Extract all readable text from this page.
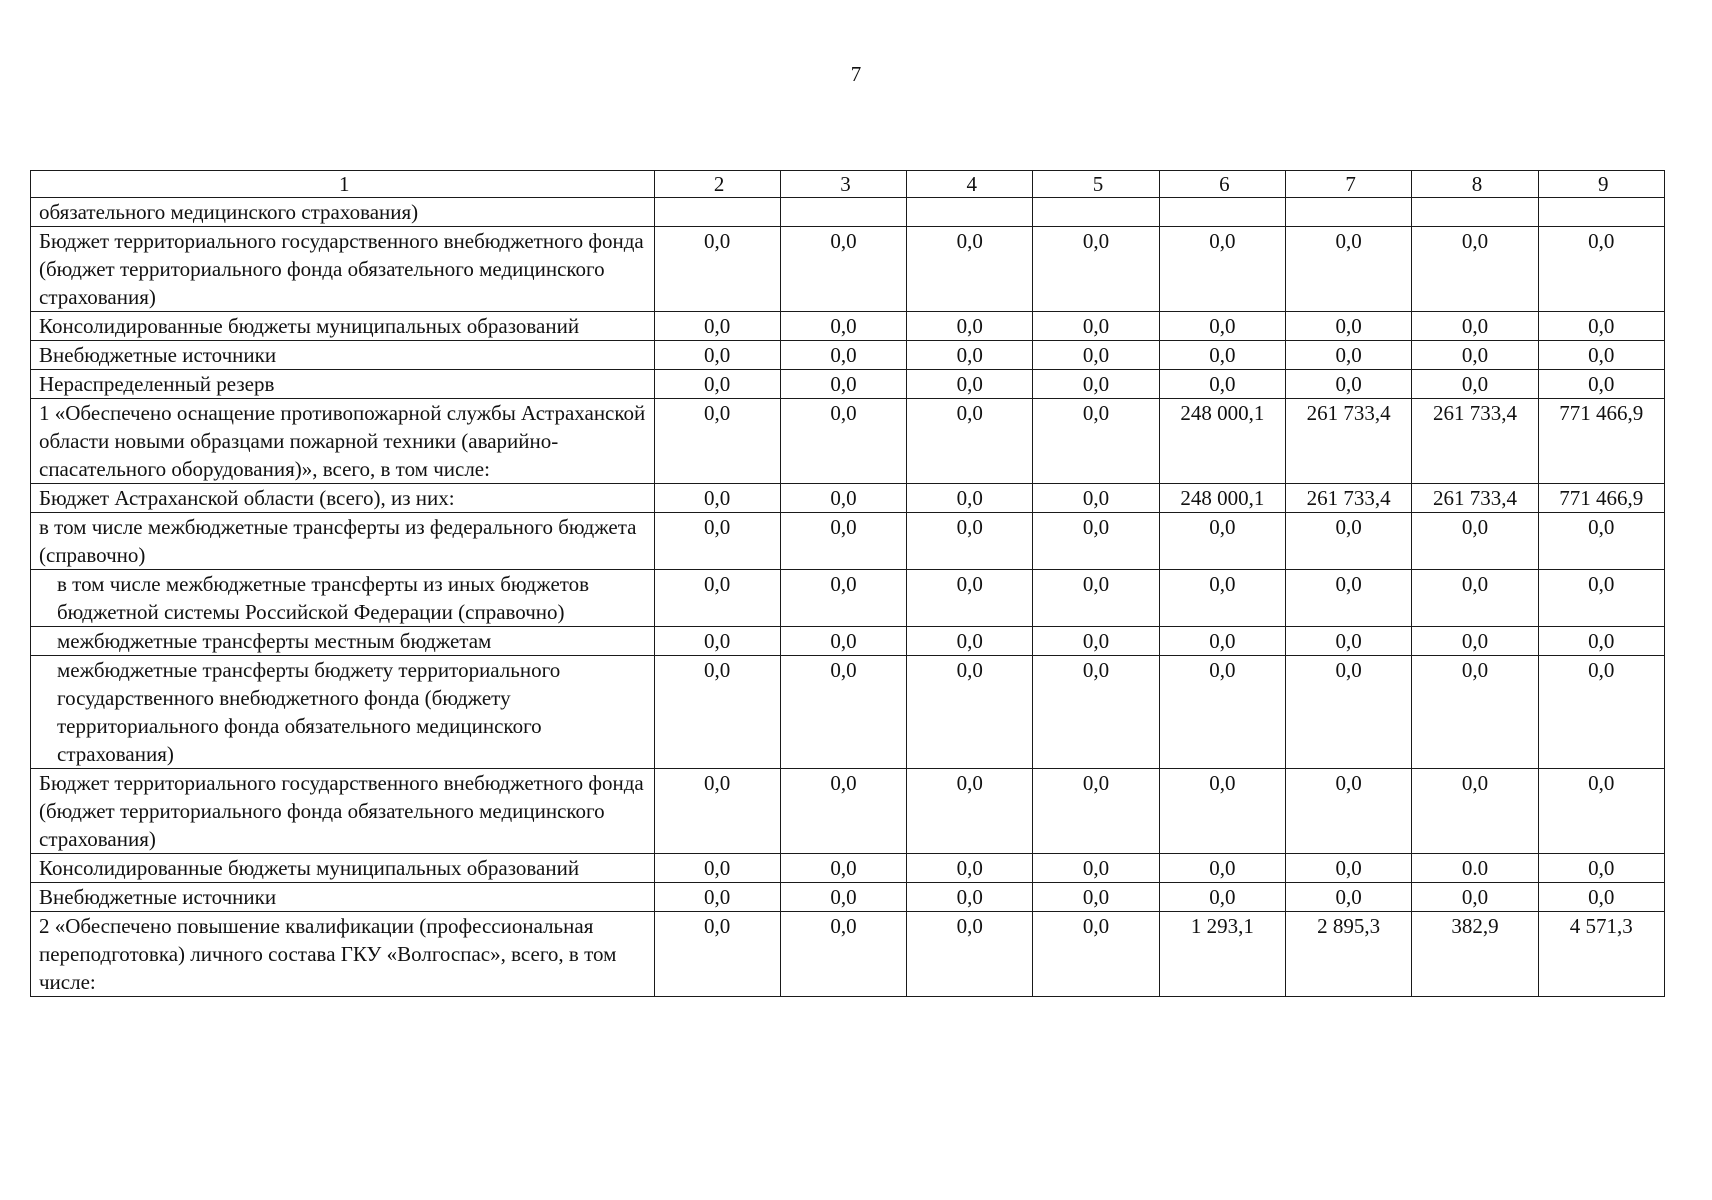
7
1	2	3	4	5	6	7	8	9
обязательного медицинского страхования)								
Бюджет территориального государственного внебюджетного фонда (бюджет территориального фонда обязательного медицинского страхования)	0,0	0,0	0,0	0,0	0,0	0,0	0,0	0,0
Консолидированные бюджеты муниципальных образований	0,0	0,0	0,0	0,0	0,0	0,0	0,0	0,0
Внебюджетные источники	0,0	0,0	0,0	0,0	0,0	0,0	0,0	0,0
Нераспределенный резерв	0,0	0,0	0,0	0,0	0,0	0,0	0,0	0,0
1 «Обеспечено оснащение противопожарной службы Астраханской области новыми образцами пожарной техники (аварийно-спасательного оборудования)», всего, в том числе:	0,0	0,0	0,0	0,0	248 000,1	261 733,4	261 733,4	771 466,9
Бюджет Астраханской области (всего), из них:	0,0	0,0	0,0	0,0	248 000,1	261 733,4	261 733,4	771 466,9
в том числе межбюджетные трансферты из федерального бюджета (справочно)	0,0	0,0	0,0	0,0	0,0	0,0	0,0	0,0
в том числе межбюджетные трансферты из иных бюджетов бюджетной системы Российской Федерации (справочно)	0,0	0,0	0,0	0,0	0,0	0,0	0,0	0,0
межбюджетные трансферты местным бюджетам	0,0	0,0	0,0	0,0	0,0	0,0	0,0	0,0
межбюджетные трансферты бюджету территориального государственного внебюджетного фонда (бюджету территориального фонда обязательного медицинского страхования)	0,0	0,0	0,0	0,0	0,0	0,0	0,0	0,0
Бюджет территориального государственного внебюджетного фонда (бюджет территориального фонда обязательного медицинского страхования)	0,0	0,0	0,0	0,0	0,0	0,0	0,0	0,0
Консолидированные бюджеты муниципальных образований	0,0	0,0	0,0	0,0	0,0	0,0	0.0	0,0
Внебюджетные источники	0,0	0,0	0,0	0,0	0,0	0,0	0,0	0,0
2 «Обеспечено повышение квалификации (профессиональная переподготовка) личного состава ГКУ «Волгоспас», всего, в том числе:	0,0	0,0	0,0	0,0	1 293,1	2 895,3	382,9	4 571,3
